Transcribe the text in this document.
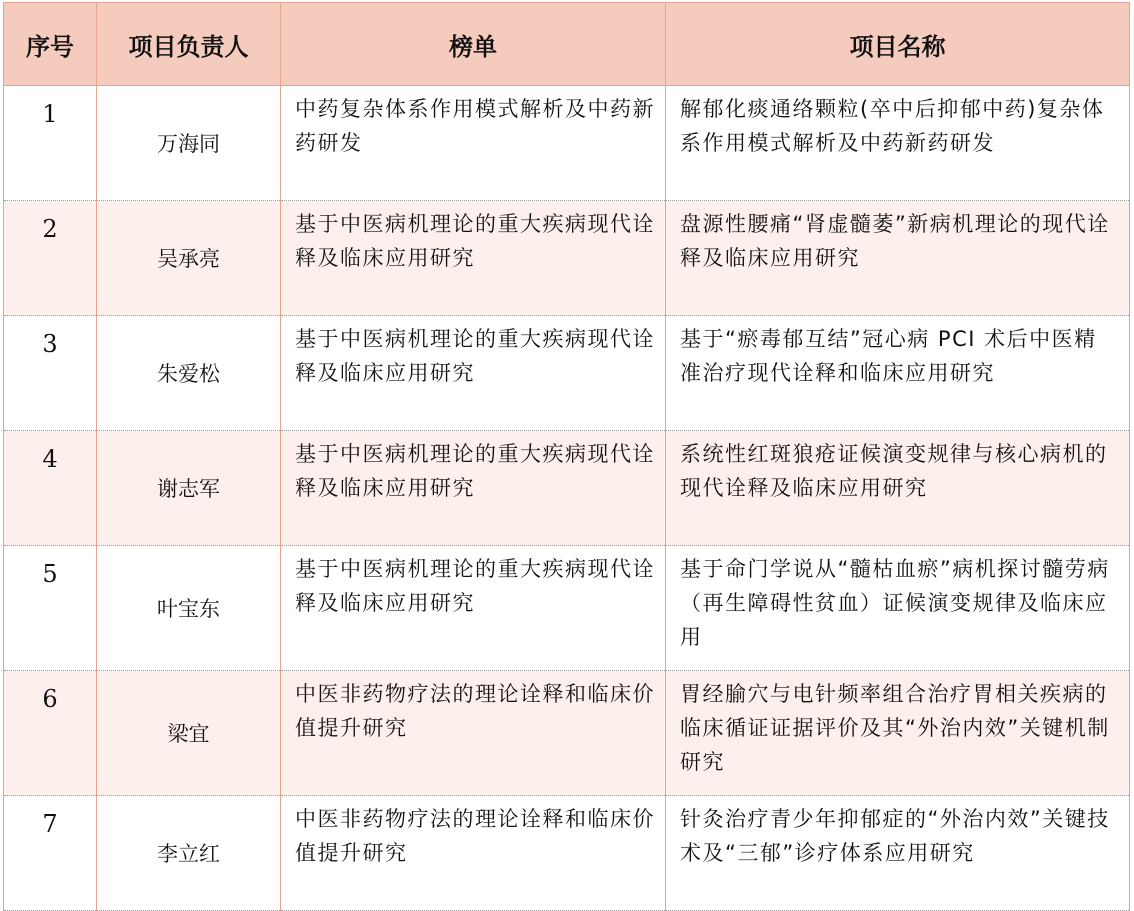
序号	项目负责人	榜单	项目名称
1	万海同	中药复杂体系作用模式解析及中药新药研发	解郁化痰通络颗粒(卒中后抑郁中药)复杂体系作用模式解析及中药新药研发
2	吴承亮	基于中医病机理论的重大疾病现代诠释及临床应用研究	盘源性腰痛“肾虚髓萎”新病机理论的现代诠释及临床应用研究
3	朱爱松	基于中医病机理论的重大疾病现代诠释及临床应用研究	基于“瘀毒郁互结”冠心病 PCI 术后中医精准治疗现代诠释和临床应用研究
4	谢志军	基于中医病机理论的重大疾病现代诠释及临床应用研究	系统性红斑狼疮证候演变规律与核心病机的现代诠释及临床应用研究
5	叶宝东	基于中医病机理论的重大疾病现代诠释及临床应用研究	基于命门学说从“髓枯血瘀”病机探讨髓劳病（再生障碍性贫血）证候演变规律及临床应用
6	梁宜	中医非药物疗法的理论诠释和临床价值提升研究	胃经腧穴与电针频率组合治疗胃相关疾病的临床循证证据评价及其“外治内效”关键机制研究
7	李立红	中医非药物疗法的理论诠释和临床价值提升研究	针灸治疗青少年抑郁症的“外治内效”关键技术及“三郁”诊疗体系应用研究
